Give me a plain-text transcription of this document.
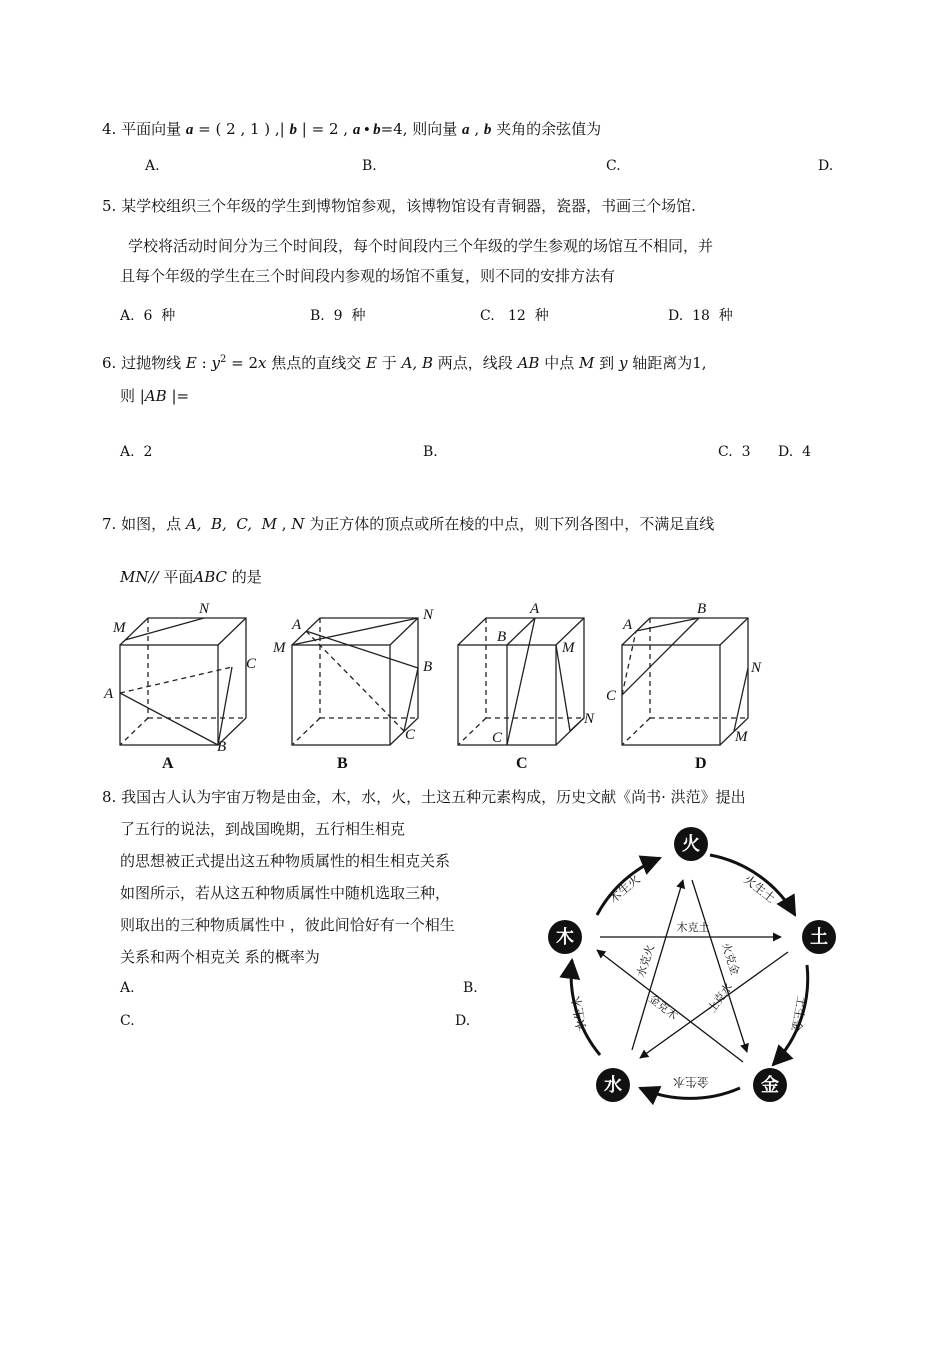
4. 平面向量 a = ( 2 , 1 ) ,| b | = 2 , a • b=4, 则向量 a , b 夹角的余弦值为
A.	B.	C.	D.
5. 某学校组织三个年级的学生到博物馆参观，该博物馆设有青铜器，瓷器，书画三个场馆.
学校将活动时间分为三个时间段，每个时间段内三个年级的学生参观的场馆互不相同，并
且每个年级的学生在三个时间段内参观的场馆不重复，则不同的安排方法有
A.  6  种	B.  9  种	C.   12  种	D.  18  种
6. 过抛物线 E : $y^2 = 2x$ 焦点的直线交 E 于 A, B 两点，线段 AB 中点 M 到 y 轴距离为1,
则 |AB |=
A.  2	B.	C.  3 D.  4
7. 如图，点 A,  B,  C,  M , N 为正方体的顶点或所在棱的中点，则下列各图中，不满足直线
MN// 平面ABC 的是
M
N
C
A
B
A
N
M
B
C
A
B
M
C
N
A
B
N
C
M
A	B	C	D
8. 我国古人认为宇宙万物是由金，木，水，火，土这五种元素构成，历史文献《尚书· 洪范》提出
了五行的说法，到战国晚期，五行相生相克
的思想被正式提出这五种物质属性的相生相克关系
如图所示，若从这五种物质属性中随机选取三种，
则取出的三种物质属性中 ，彼此间恰好有一个相生
关系和两个相克关 系的概率为
A.	B.
C.	D.
火
土
金
水
木
木生火	火生土
土生金
金生水
水生木
木克土
火克金
土克水
金克木
水克火
